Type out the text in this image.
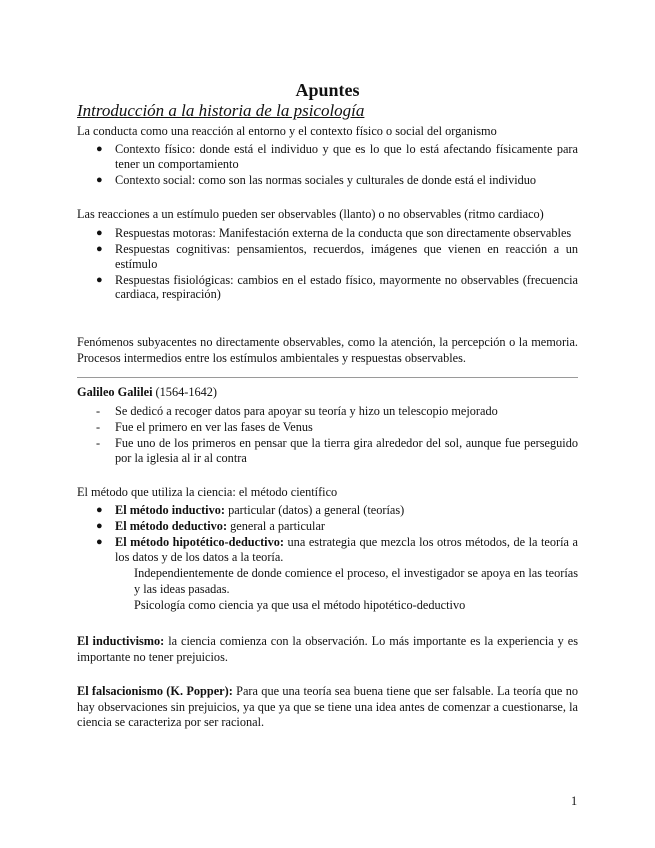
Apuntes
Introducción a la historia de la psicología
La conducta como una reacción al entorno y el contexto físico o social del organismo
● Contexto físico: donde está el individuo y que es lo que lo está afectando físicamente para tener un comportamiento
● Contexto social: como son las normas sociales y culturales de donde está el individuo
Las reacciones a un estímulo pueden ser observables (llanto) o no observables (ritmo cardiaco)
● Respuestas motoras: Manifestación externa de la conducta que son directamente observables
● Respuestas cognitivas: pensamientos, recuerdos, imágenes que vienen en reacción a un estímulo
● Respuestas fisiológicas: cambios en el estado físico, mayormente no observables (frecuencia cardiaca, respiración)
Fenómenos subyacentes no directamente observables, como la atención, la percepción o la memoria. Procesos intermedios entre los estímulos ambientales y respuestas observables.
Galileo Galilei (1564-1642)
- Se dedicó a recoger datos para apoyar su teoría y hizo un telescopio mejorado
- Fue el primero en ver las fases de Venus
- Fue uno de los primeros en pensar que la tierra gira alrededor del sol, aunque fue perseguido por la iglesia al ir al contra
El método que utiliza la ciencia: el método científico
● El método inductivo: particular (datos) a general (teorías)
● El método deductivo: general a particular
● El método hipotético-deductivo: una estrategia que mezcla los otros métodos, de la teoría a los datos y de los datos a la teoría.
Independientemente de donde comience el proceso, el investigador se apoya en las teorías y las ideas pasadas.
Psicología como ciencia ya que usa el método hipotético-deductivo
El inductivismo: la ciencia comienza con la observación. Lo más importante es la experiencia y es importante no tener prejuicios.
El falsacionismo (K. Popper): Para que una teoría sea buena tiene que ser falsable. La teoría que no hay observaciones sin prejuicios, ya que ya que se tiene una idea antes de comenzar a cuestionarse, la ciencia se caracteriza por ser racional.
1
